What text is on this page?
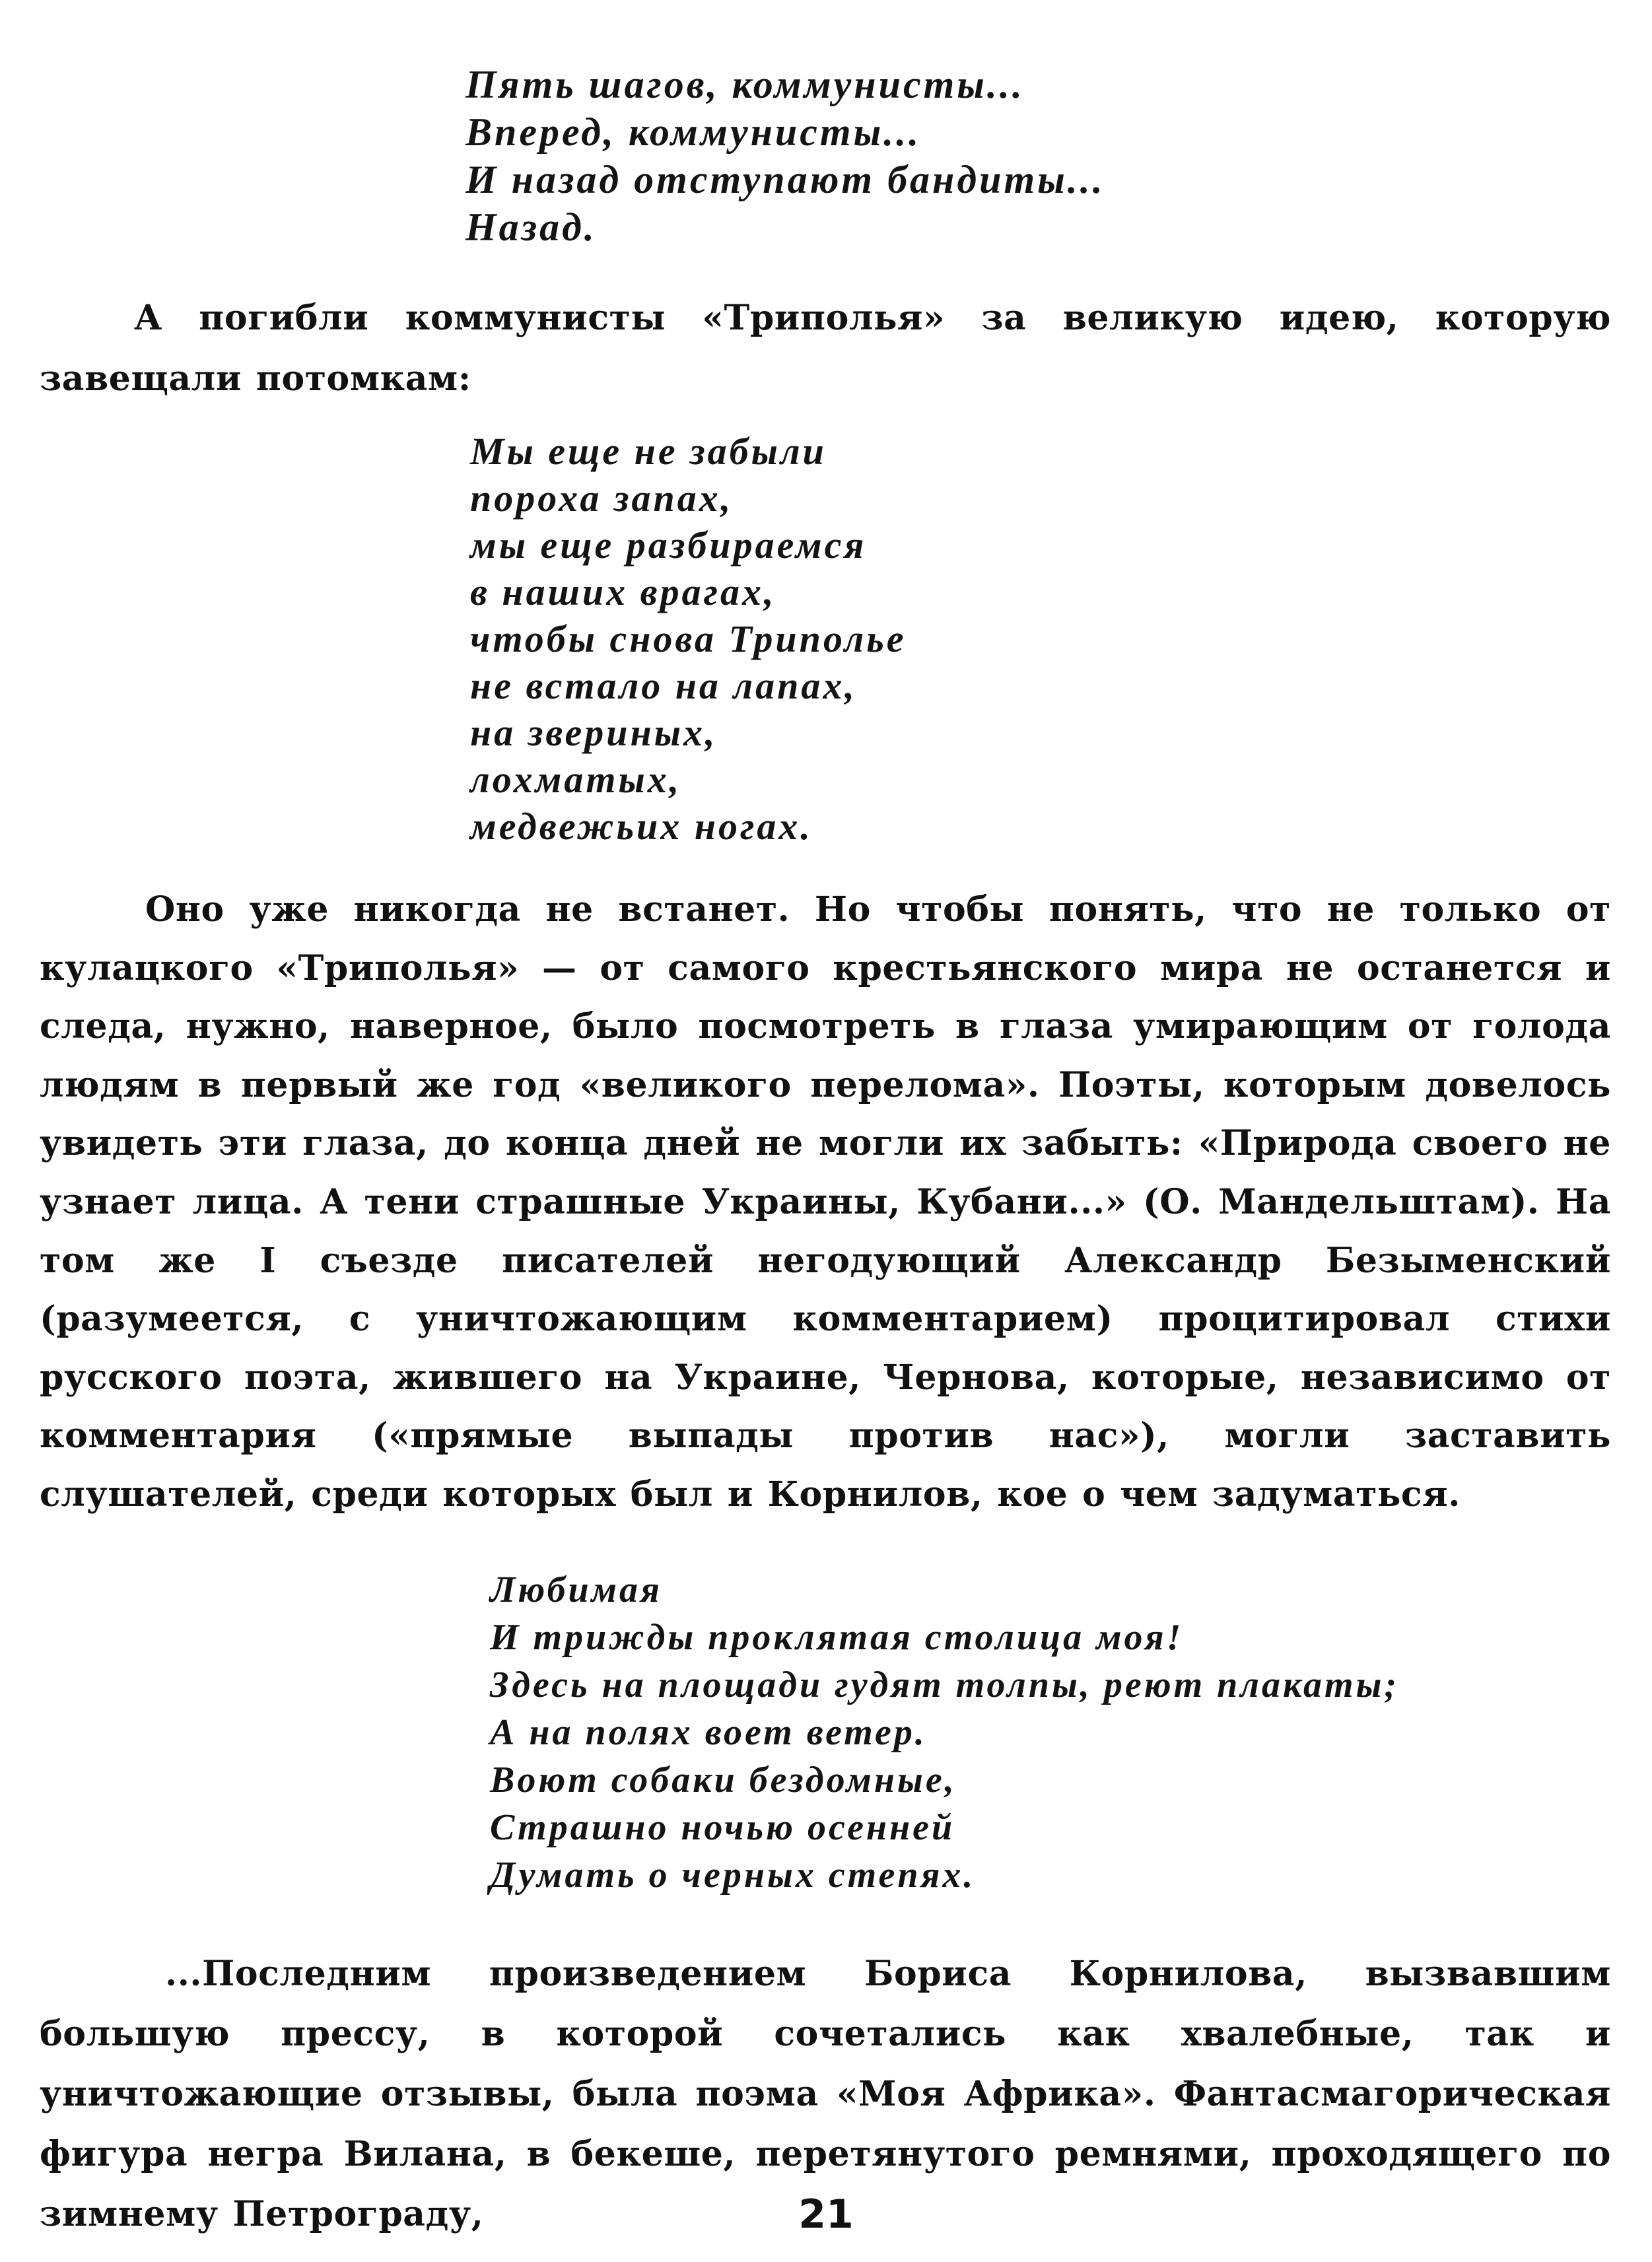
Пять шагов, коммунисты...
Вперед, коммунисты...
И назад отступают бандиты...
Назад.

А погибли коммунисты «Триполья» за великую идею, которую завещали потомкам:

Мы еще не забыли
пороха запах,
мы еще разбираемся
в наших врагах,
чтобы снова Триполье
не встало на лапах,
на звериных,
лохматых,
медвежьих ногах.

Оно уже никогда не встанет. Но чтобы понять, что не только от кулацкого «Триполья» — от самого крестьянского мира не останется и следа, нужно, наверное, было посмотреть в глаза умирающим от голода людям в первый же год «великого перелома». Поэты, которым довелось увидеть эти глаза, до конца дней не могли их забыть: «Природа своего не узнает лица. А тени страшные Украины, Кубани...» (О. Мандельштам). На том же I съезде писателей негодующий Александр Безыменский (разумеется, с уничтожающим комментарием) процитировал стихи русского поэта, жившего на Украине, Чернова, которые, независимо от комментария («прямые выпады против нас»), могли заставить слушателей, среди которых был и Корнилов, кое о чем задуматься.

Любимая
И трижды проклятая столица моя!
Здесь на площади гудят толпы, реют плакаты;
А на полях воет ветер.
Воют собаки бездомные,
Страшно ночью осенней
Думать о черных степях.

...Последним произведением Бориса Корнилова, вызвавшим большую прессу, в которой сочетались как хвалебные, так и уничтожающие отзывы, была поэма «Моя Африка». Фантасмагорическая фигура негра Вилана, в бекеше, перетянутого ремнями, проходящего по зимнему Петрограду,	21
